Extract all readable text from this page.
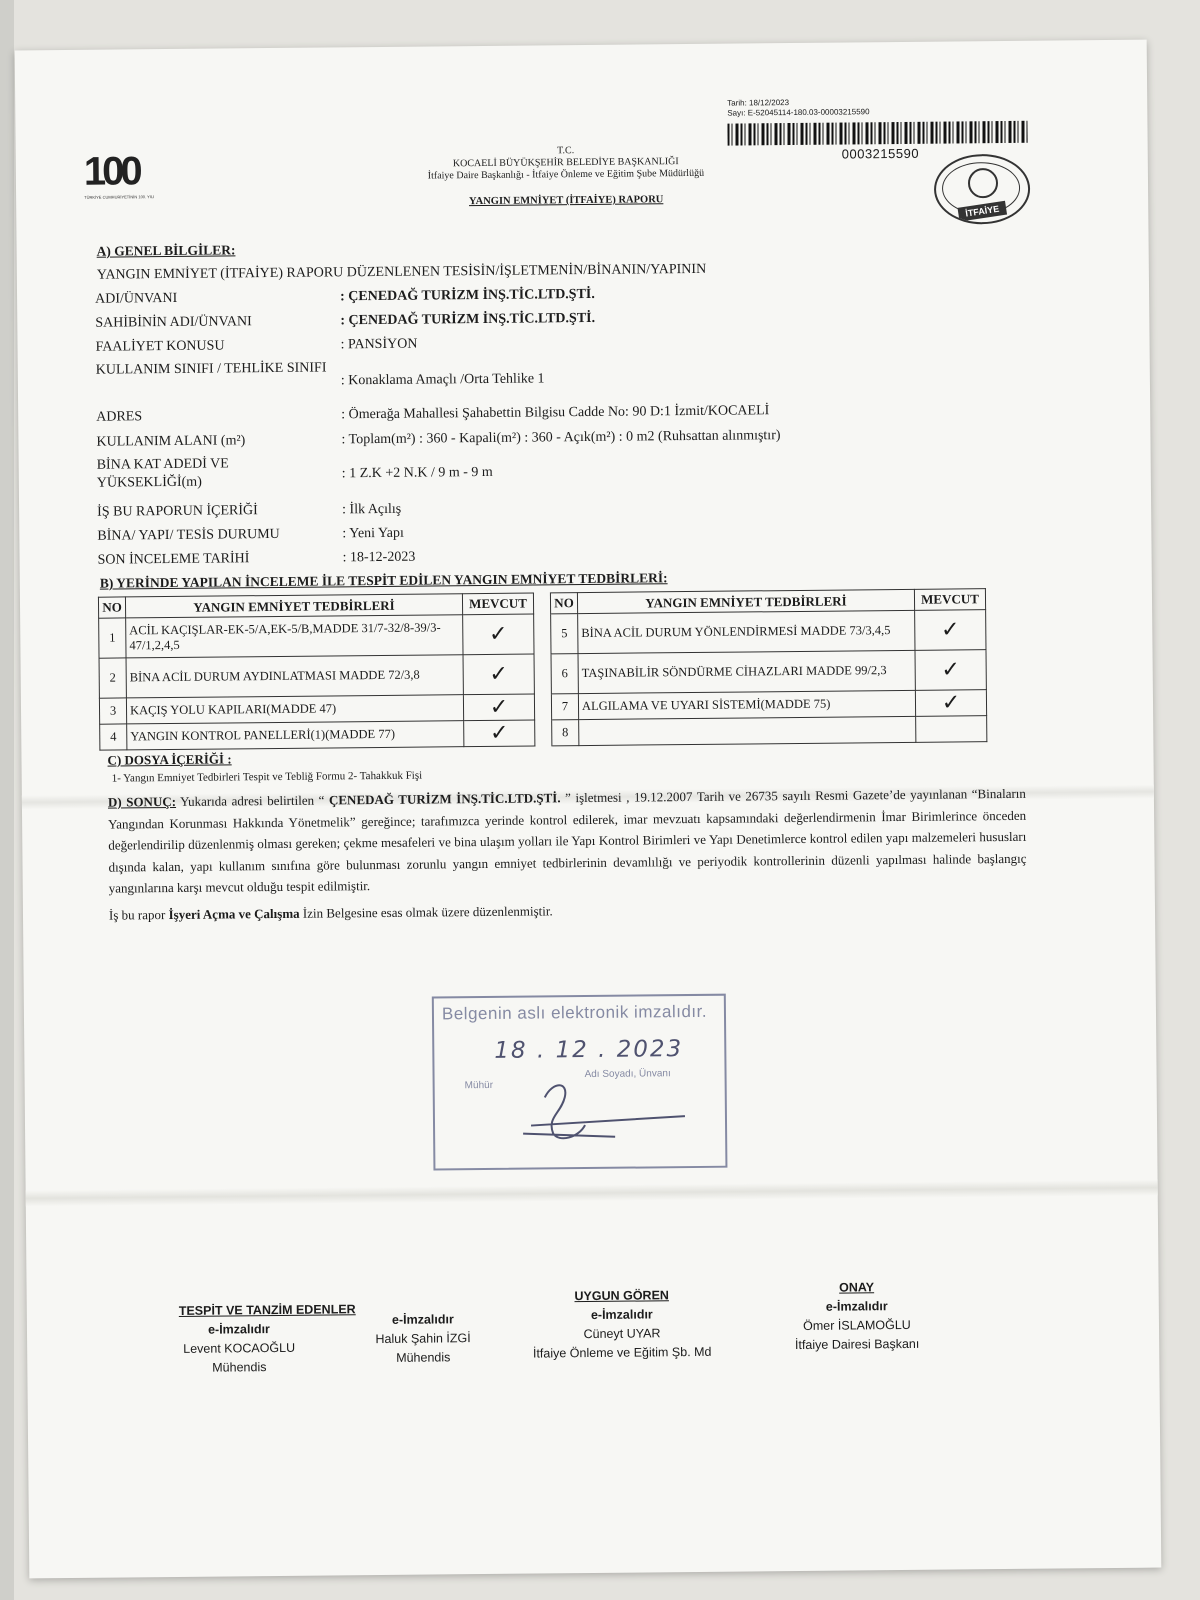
100
TÜRKİYE CUMHURİYETİNİN 100. YILI
Tarih: 18/12/2023
Sayı: E-52045114-180.03-00003215590
0003215590
T.C.
KOCAELİ BÜYÜKŞEHİR BELEDİYE BAŞKANLIĞI
İtfaiye Daire Başkanlığı - İtfaiye Önleme ve Eğitim Şube Müdürlüğü
YANGIN EMNİYET (İTFAİYE) RAPORU
İTFAİYE
A) GENEL BİLGİLER:
YANGIN EMNİYET (İTFAİYE) RAPORU DÜZENLENEN TESİSİN/İŞLETMENİN/BİNANIN/YAPININ
ADI/ÜNVANI	: ÇENEDAĞ TURİZM İNŞ.TİC.LTD.ŞTİ.
SAHİBİNİN ADI/ÜNVANI	: ÇENEDAĞ TURİZM İNŞ.TİC.LTD.ŞTİ.
FAALİYET KONUSU	: PANSİYON
KULLANIM SINIFI / TEHLİKE SINIFI
: Konaklama Amaçlı /Orta Tehlike 1
ADRES	: Ömerağa Mahallesi Şahabettin Bilgisu Cadde No: 90 D:1 İzmit/KOCAELİ
KULLANIM ALANI (m²)	: Toplam(m²) : 360 - Kapali(m²) : 360 - Açık(m²) : 0 m2 (Ruhsattan alınmıştır)
BİNA KAT ADEDİ VE YÜKSEKLİĞİ(m)
: 1 Z.K +2 N.K / 9 m - 9 m
İŞ BU RAPORUN İÇERİĞİ	: İlk Açılış
BİNA/ YAPI/ TESİS DURUMU	: Yeni Yapı
SON İNCELEME TARİHİ	: 18-12-2023
B) YERİNDE YAPILAN İNCELEME İLE TESPİT EDİLEN YANGIN EMNİYET TEDBİRLERİ:
NO	YANGIN EMNİYET TEDBİRLERİ	MEVCUT		NO	YANGIN EMNİYET TEDBİRLERİ	MEVCUT
1	ACİL KAÇIŞLAR-EK-5/A,EK-5/B,MADDE 31/7-32/8-39/3-47/1,2,4,5	✓		5	BİNA ACİL DURUM YÖNLENDİRMESİ MADDE 73/3,4,5	✓
2	BİNA ACİL DURUM AYDINLATMASI MADDE 72/3,8	✓		6	TAŞINABİLİR SÖNDÜRME CİHAZLARI MADDE 99/2,3	✓
3	KAÇIŞ YOLU KAPILARI(MADDE 47)	✓		7	ALGILAMA VE UYARI SİSTEMİ(MADDE 75)	✓
4	YANGIN KONTROL PANELLERİ(1)(MADDE 77)	✓		8		
C) DOSYA İÇERİĞİ :
1- Yangın Emniyet Tedbirleri Tespit ve Tebliğ Formu 2- Tahakkuk Fişi
D) SONUÇ: Yukarıda adresi belirtilen “ ÇENEDAĞ TURİZM İNŞ.TİC.LTD.ŞTİ. ” işletmesi , 19.12.2007 Tarih ve 26735 sayılı Resmi Gazete’de yayınlanan “Binaların Yangından Korunması Hakkında Yönetmelik” gereğince; tarafımızca yerinde kontrol edilerek, imar mevzuatı kapsamındaki değerlendirmenin İmar Birimlerince önceden değerlendirilip düzenlenmiş olması gereken; çekme mesafeleri ve bina ulaşım yolları ile Yapı Kontrol Birimleri ve Yapı Denetimlerce kontrol edilen yapı malzemeleri hususları dışında kalan, yapı kullanım sınıfına göre bulunması zorunlu yangın emniyet tedbirlerinin devamlılığı ve periyodik kontrollerinin düzenli yapılması halinde başlangıç yangınlarına karşı mevcut olduğu tespit edilmiştir.
İş bu rapor İşyeri Açma ve Çalışma İzin Belgesine esas olmak üzere düzenlenmiştir.
Belgenin aslı elektronik imzalıdır.
18 . 12 . 2023
Mühür
Adı Soyadı, Ünvanı
TESPİT VE TANZİM EDENLER
e-İmzalıdır
Levent KOCAOĞLU
Mühendis
e-İmzalıdır
Haluk Şahin İZGİ
Mühendis
UYGUN GÖREN
e-İmzalıdır
Cüneyt UYAR
İtfaiye Önleme ve Eğitim Şb. Md
ONAY
e-İmzalıdır
Ömer İSLAMOĞLU
İtfaiye Dairesi Başkanı
